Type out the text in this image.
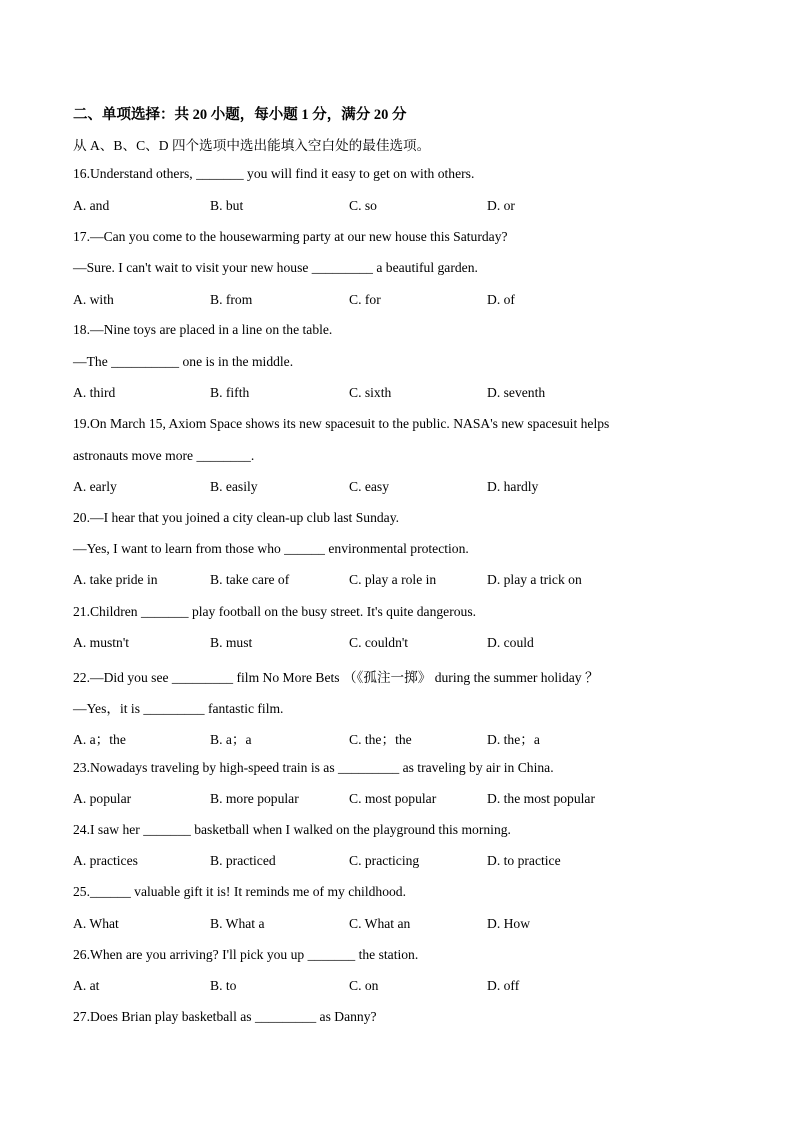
二、单项选择：共 20 小题，每小题 1 分，满分 20 分
从 A、B、C、D 四个选项中选出能填入空白处的最佳选项。
16.Understand others, _______ you will find it easy to get on with others.
A. and	B. but	C. so	D. or
17.—Can you come to the housewarming party at our new house this Saturday?
—Sure. I can't wait to visit your new house _________ a beautiful garden.
A. with	B. from	C. for	D. of
18.—Nine toys are placed in a line on the table.
—The __________ one is in the middle.
A. third	B. fifth	C. sixth	D. seventh
19.On March 15, Axiom Space shows its new spacesuit to the public. NASA's new spacesuit helps
astronauts move more ________.
A. early	B. easily	C. easy	D. hardly
20.—I hear that you joined a city clean-up club last Sunday.
—Yes, I want to learn from those who ______ environmental protection.
A. take pride in	B. take care of	C. play a role in	D. play a trick on
21.Children _______ play football on the busy street. It's quite dangerous.
A. mustn't	B. must	C. couldn't	D. could
22.—Did you see _________ film No More Bets （《孤注一掷》 during the summer holiday ？
—Yes，it is _________ fantastic film.
A. a；the	B. a；a	C. the；the	D. the；a
23.Nowadays traveling by high-speed train is as _________ as traveling by air in China.
A. popular	B. more popular	C. most popular	D. the most popular
24.I saw her _______ basketball when I walked on the playground this morning.
A. practices	B. practiced	C. practicing	D. to practice
25.______ valuable gift it is! It reminds me of my childhood.
A. What	B. What a	C. What an	D. How
26.When are you arriving? I'll pick you up _______ the station.
A. at	B. to	C. on	D. off
27.Does Brian play basketball as _________ as Danny?
